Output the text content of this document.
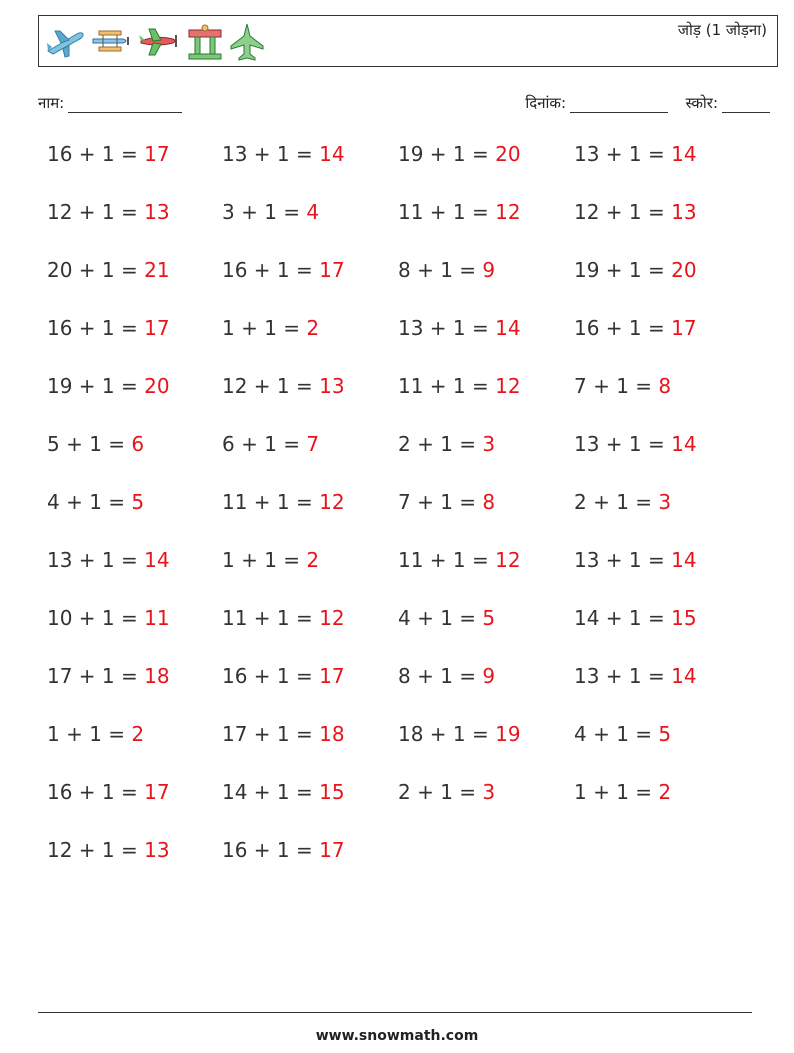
जोड़ (1 जोड़ना)
नाम:	दिनांक:	स्कोर:
16 + 1 = 17
12 + 1 = 13
20 + 1 = 21
16 + 1 = 17
19 + 1 = 20
5 + 1 = 6
4 + 1 = 5
13 + 1 = 14
10 + 1 = 11
17 + 1 = 18
1 + 1 = 2
16 + 1 = 17
12 + 1 = 13
13 + 1 = 14
3 + 1 = 4
16 + 1 = 17
1 + 1 = 2
12 + 1 = 13
6 + 1 = 7
11 + 1 = 12
1 + 1 = 2
11 + 1 = 12
16 + 1 = 17
17 + 1 = 18
14 + 1 = 15
16 + 1 = 17
19 + 1 = 20
11 + 1 = 12
8 + 1 = 9
13 + 1 = 14
11 + 1 = 12
2 + 1 = 3
7 + 1 = 8
11 + 1 = 12
4 + 1 = 5
8 + 1 = 9
18 + 1 = 19
2 + 1 = 3
13 + 1 = 14
12 + 1 = 13
19 + 1 = 20
16 + 1 = 17
7 + 1 = 8
13 + 1 = 14
2 + 1 = 3
13 + 1 = 14
14 + 1 = 15
13 + 1 = 14
4 + 1 = 5
1 + 1 = 2
www.snowmath.com
